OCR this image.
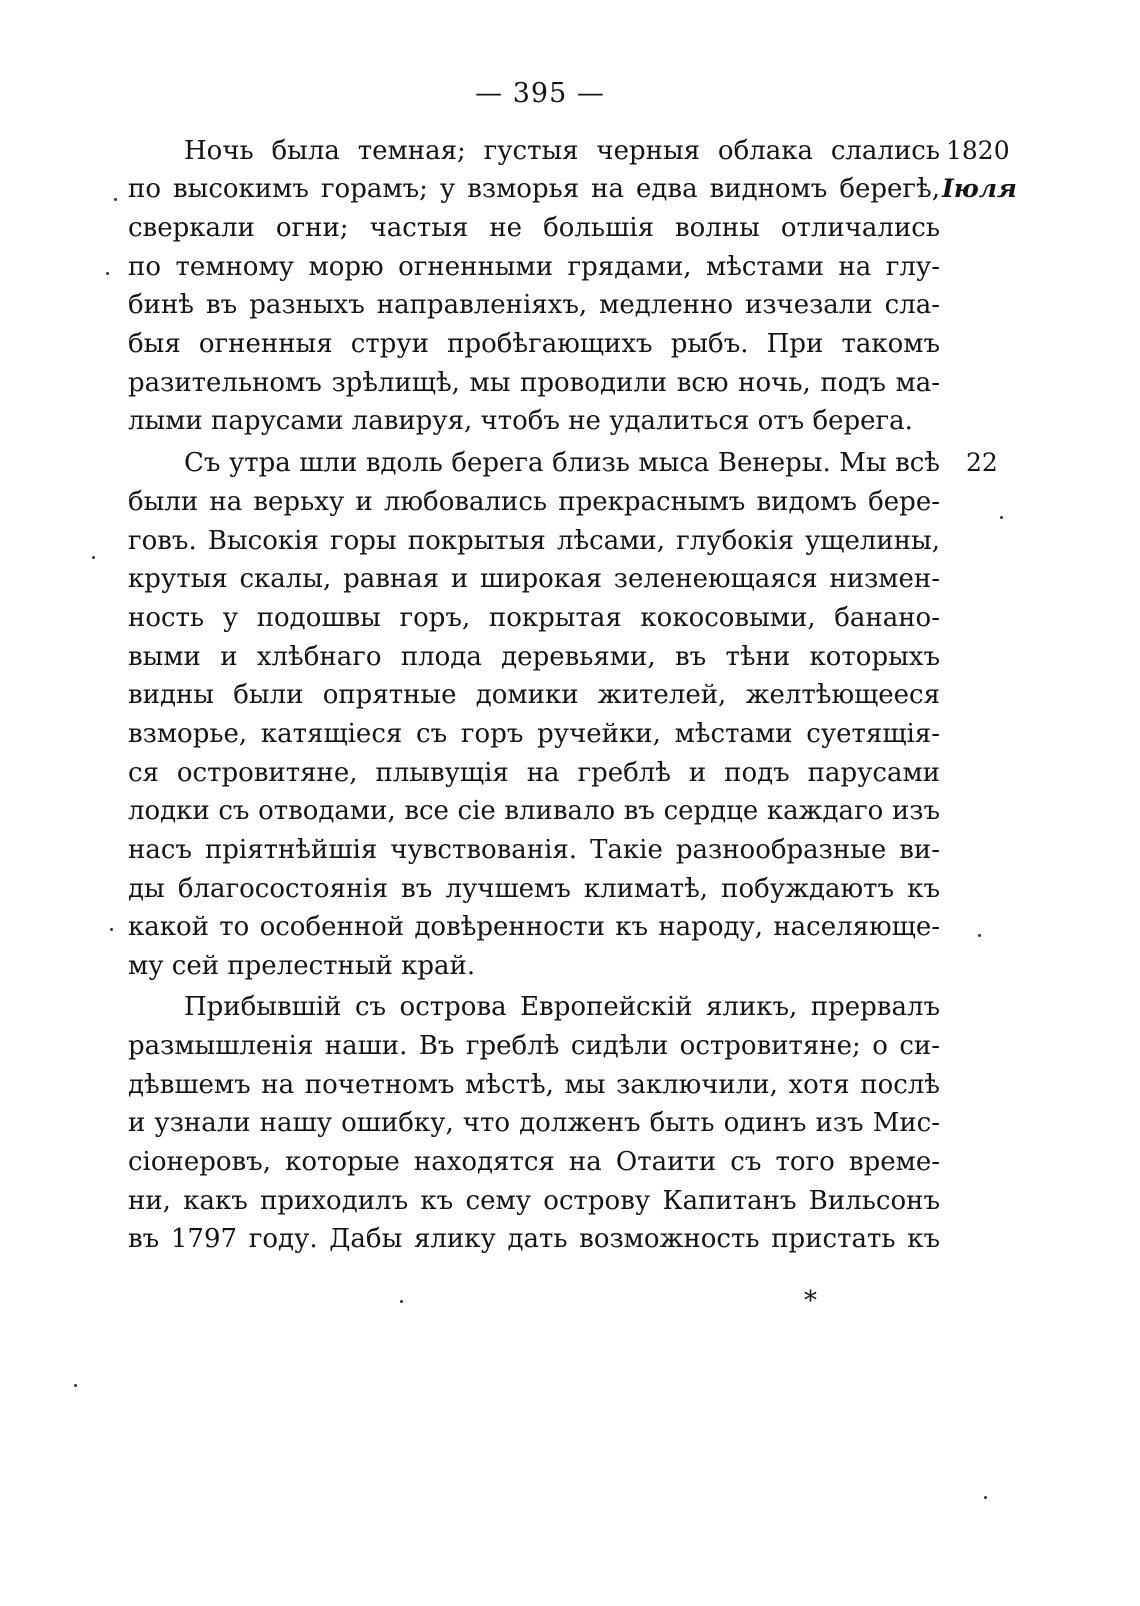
— 395 —
1820
Іюля
22
Ночь была темная; густыя черныя облака слались
по высокимъ горамъ; у взморья на едва видномъ берегѣ,
сверкали огни; частыя не большія волны отличались
по темному морю огненными грядами, мѣстами на глу-
бинѣ въ разныхъ направленіяхъ, медленно изчезали сла-
быя огненныя струи пробѣгающихъ рыбъ. При такомъ
разительномъ зрѣлищѣ, мы проводили всю ночь, подъ ма-
лыми парусами лавируя, чтобъ не удалиться отъ берега.
Съ утра шли вдоль берега близь мыса Венеры. Мы всѣ
были на верьху и любовались прекраснымъ видомъ бере-
говъ. Высокія горы покрытыя лѣсами, глубокія ущелины,
крутыя скалы, равная и широкая зеленеющаяся низмен-
ность у подошвы горъ, покрытая кокосовыми, банано-
выми и хлѣбнаго плода деревьями, въ тѣни которыхъ
видны были опрятные домики жителей, желтѣющееся
взморье, катящіеся съ горъ ручейки, мѣстами суетящія-
ся островитяне, плывущія на греблѣ и подъ парусами
лодки съ отводами, все сіе вливало въ сердце каждаго изъ
насъ пріятнѣйшія чувствованія. Такіе разнообразные ви-
ды благосостоянія въ лучшемъ климатѣ, побуждаютъ къ
какой то особенной довѣренности къ народу, населяюще-
му сей прелестный край.
Прибывшій съ острова Европейскій яликъ, прервалъ
размышленія наши. Въ греблѣ сидѣли островитяне; о си-
дѣвшемъ на почетномъ мѣстѣ, мы заключили, хотя послѣ
и узнали нашу ошибку, что долженъ быть одинъ изъ Мис-
сіонеровъ, которые находятся на Отаити съ того време-
ни, какъ приходилъ къ сему острову Капитанъ Вильсонъ
въ 1797 году. Дабы ялику дать возможность пристать къ
*
